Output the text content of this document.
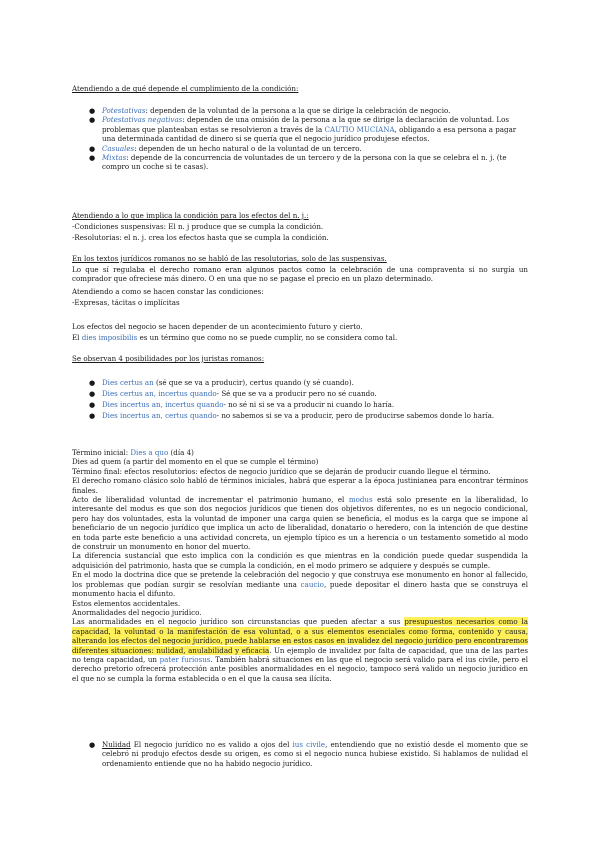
Atendiendo a de qué depende el cumplimiento de la condición:

● Potestativas: dependen de la voluntad de la persona a la que se dirige la celebración de negocio.
● Potestativas negativas: dependen de una omisión de la persona a la que se dirige la declaración de voluntad. Los problemas que planteaban estas se resolvieron a través de la CAUTIO MUCIANA, obligando a esa persona a pagar una determinada cantidad de dinero si se quería que el negocio jurídico produjese efectos.
● Casuales: dependen de un hecho natural o de la voluntad de un tercero.
● Mixtas: depende de la concurrencia de voluntades de un tercero y de la persona con la que se celebra el n. j. (te compro un coche si te casas).

Atendiendo a lo que implica la condición para los efectos del n. j.:

-Condiciones suspensivas: El n. j produce que se cumpla la condición.

-Resolutorias: el n. j. crea los efectos hasta que se cumpla la condición.

En los textos jurídicos romanos no se habló de las resolutorias, solo de las suspensivas.

Lo que sí regulaba el derecho romano eran algunos pactos como la celebración de una compraventa si no surgía un comprador que ofreciese más dinero. O en una que no se pagase el precio en un plazo determinado.

Atendiendo a como se hacen constar las condiciones:

-Expresas, tácitas o implícitas

Los efectos del negocio se hacen depender de un acontecimiento futuro y cierto.

El dies imposibilis es un término que como no se puede cumplir, no se considera como tal.

Se observan 4 posibilidades por los juristas romanos:

● Dies certus an (sé que se va a producir), certus quando (y sé cuando).
● Dies certus an, incertus quando- Sé que se va a producir pero no sé cuando.
● Dies incertus an, incertus quando- no sé ni si se va a producir ni cuando lo haría.
● Dies incertus an, certus quando- no sabemos si se va a producir, pero de producirse sabemos donde lo haría.

Término inicial: Dies a quo (día 4)

Dies ad quem (a partir del momento en el que se cumple el término)

Término final: efectos resolutorios: efectos de negocio jurídico que se dejarán de producir cuando llegue el término.

El derecho romano clásico solo habló de términos iniciales, habrá que esperar a la época justinianea para encontrar términos finales.

Acto de liberalidad voluntad de incrementar el patrimonio humano, el modus está solo presente en la liberalidad, lo interesante del modus es que son dos negocios jurídicos que tienen dos objetivos diferentes, no es un negocio condicional, pero hay dos voluntades, esta la voluntad de imponer una carga quien se beneficia, el modus es la carga que se impone al beneficiario de un negocio jurídico que implica un acto de liberalidad, donatario o heredero, con la intención de que destine en toda parte este beneficio a una actividad concreta, un ejemplo típico es un a herencia o un testamento sometido al modo de construir un monumento en honor del muerto.

La diferencia sustancial que esto implica con la condición es que mientras en la condición puede quedar suspendida la adquisición del patrimonio, hasta que se cumpla la condición, en el modo primero se adquiere y después se cumple.

En el modo la doctrina dice que se pretende la celebración del negocio y que construya ese monumento en honor al fallecido, los problemas que podían surgir se resolvían mediante una caucio, puede depositar el dinero hasta que se construya el monumento hacia el difunto.

Estos elementos accidentales.

Anormalidades del negocio jurídico.

Las anormalidades en el negocio jurídico son circunstancias que pueden afectar a sus presupuestos necesarios como la capacidad, la voluntad o la manifestación de esa voluntad, o a sus elementos esenciales como forma, contenido y causa, alterando los efectos del negocio jurídico, puede hablarse en estos casos en invalidez del negocio jurídico pero encontraremos diferentes situaciones: nulidad, anulabilidad y eficacia. Un ejemplo de invalidez por falta de capacidad, que una de las partes no tenga capacidad, un pater furiosus. También habrá situaciones en las que el negocio será valido para el ius civile, pero el derecho pretorio ofrecerá protección ante posibles anormalidades en el negocio, tampoco será valido un negocio jurídico en el que no se cumpla la forma establecida o en el que la causa sea ilícita.

● Nulidad El negocio jurídico no es valido a ojos del ius civile, entendiendo que no existió desde el momento que se celebró ni produjo efectos desde su origen, es como si el negocio nunca hubiese existido. Si hablamos de nulidad el ordenamiento entiende que no ha habido negocio jurídico.
